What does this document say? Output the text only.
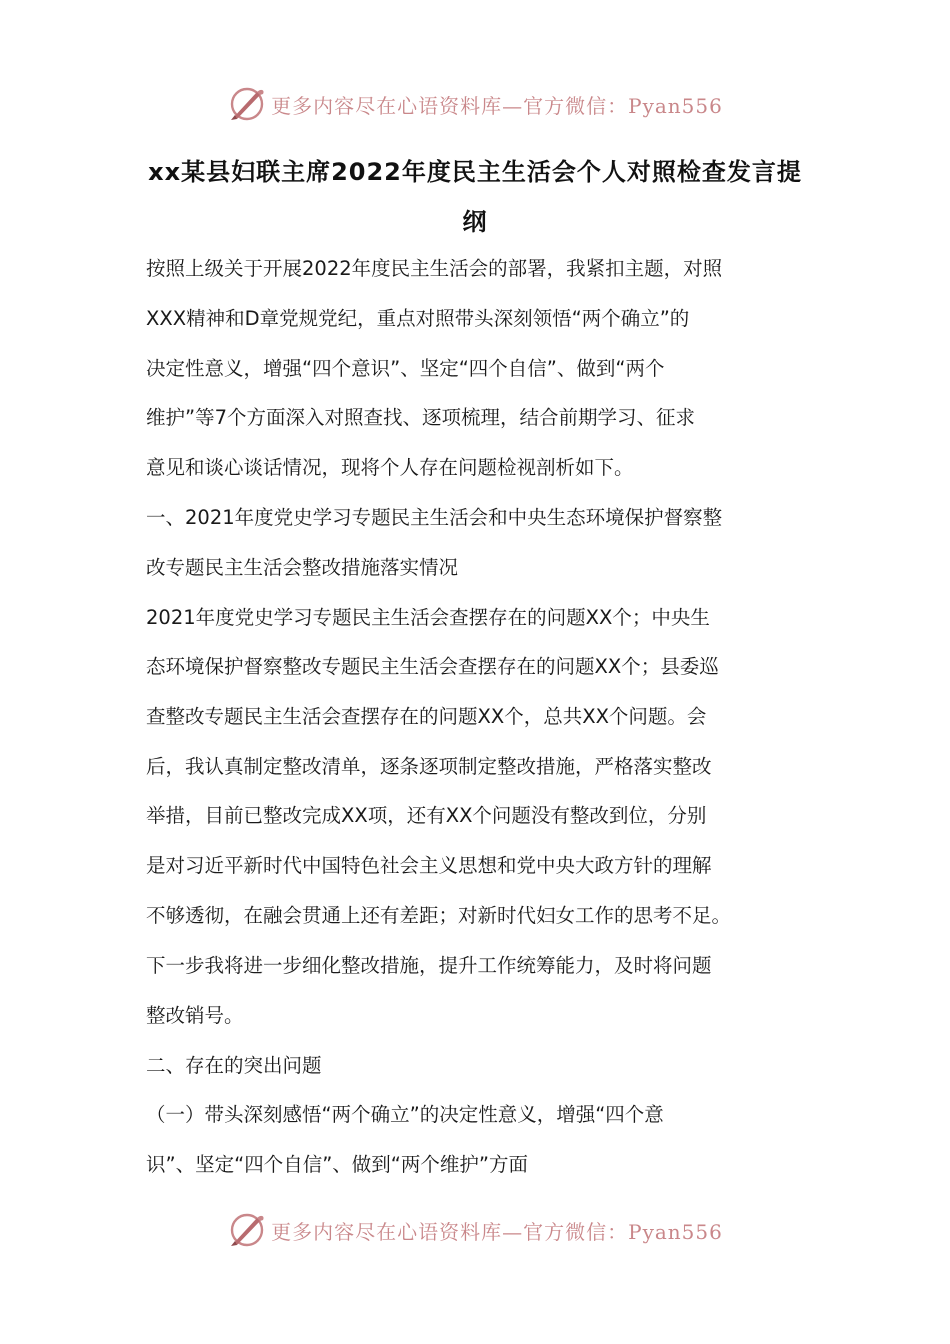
更多内容尽在心语资料库—官方微信：Pyan556
xx某县妇联主席2022年度民主生活会个人对照检查发言提
纲
按照上级关于开展2022年度民主生活会的部署，我紧扣主题，对照
XXX精神和D章党规党纪，重点对照带头深刻领悟“两个确立”的
决定性意义，增强“四个意识”、坚定“四个自信”、做到“两个
维护”等7个方面深入对照查找、逐项梳理，结合前期学习、征求
意见和谈心谈话情况，现将个人存在问题检视剖析如下。
一、2021年度党史学习专题民主生活会和中央生态环境保护督察整
改专题民主生活会整改措施落实情况
2021年度党史学习专题民主生活会查摆存在的问题XX个；中央生
态环境保护督察整改专题民主生活会查摆存在的问题XX个；县委巡
查整改专题民主生活会查摆存在的问题XX个，总共XX个问题。会
后，我认真制定整改清单，逐条逐项制定整改措施，严格落实整改
举措，目前已整改完成XX项，还有XX个问题没有整改到位，分别
是对习近平新时代中国特色社会主义思想和党中央大政方针的理解
不够透彻，在融会贯通上还有差距；对新时代妇女工作的思考不足。
下一步我将进一步细化整改措施，提升工作统筹能力，及时将问题
整改销号。
二、存在的突出问题
（一）带头深刻感悟“两个确立”的决定性意义，增强“四个意
识”、坚定“四个自信”、做到“两个维护”方面
更多内容尽在心语资料库—官方微信：Pyan556
